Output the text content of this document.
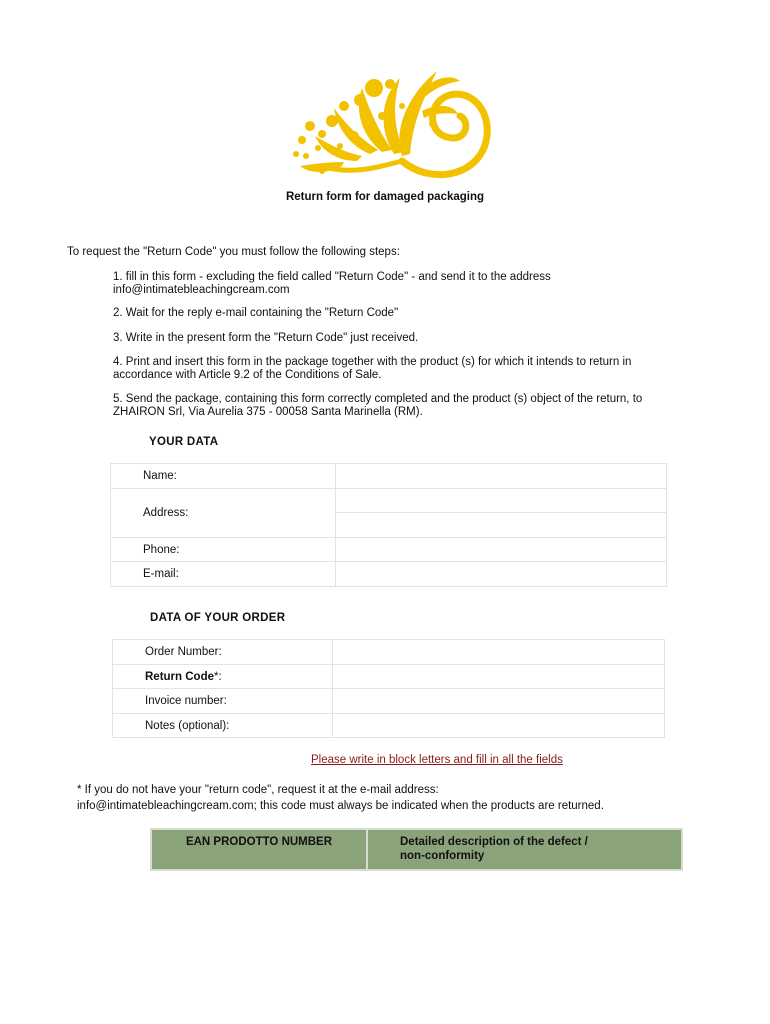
Return form for damaged packaging
To request the "Return Code" you must follow the following steps:
1. fill in this form - excluding the field called "Return Code" - and send it to the address
info@intimatebleachingcream.com
2. Wait for the reply e-mail containing the "Return Code"
3. Write in the present form the "Return Code" just received.
4. Print and insert this form in the package together with the product (s) for which it intends to return in
accordance with Article 9.2 of the Conditions of Sale.
5. Send the package, containing this form correctly completed and the product (s) object of the return, to
ZHAIRON Srl, Via Aurelia 375 - 00058 Santa Marinella (RM).
YOUR DATA
Name:	
Address:	

Phone:	
E-mail:	
DATA OF YOUR ORDER
Order Number:	
Return Code*:	
Invoice number:	
Notes (optional):	
Please write in block letters and fill in all the fields
* If you do not have your "return code", request it at the e-mail address:
info@intimatebleachingcream.com; this code must always be indicated when the products are returned.
EAN PRODOTTO NUMBER	Detailed description of the defect /
non-conformity
